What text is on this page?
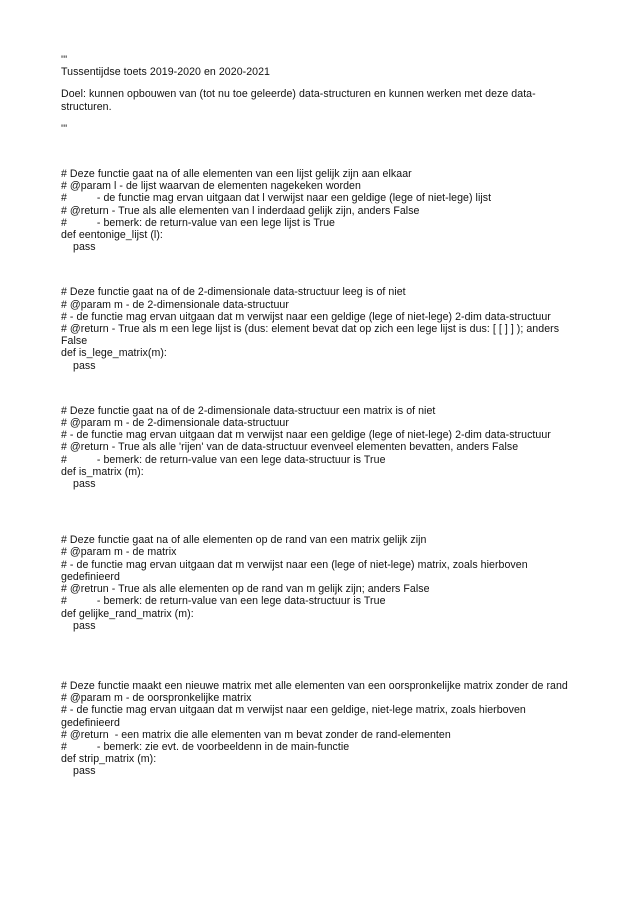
'''

Tussentijdse toets 2019-2020 en 2020-2021

Doel: kunnen opbouwen van (tot nu toe geleerde) data-structuren en kunnen werken met deze data-structuren.

'''

# Deze functie gaat na of alle elementen van een lijst gelijk zijn aan elkaar

# @param l - de lijst waarvan de elementen nagekeken worden

#          - de functie mag ervan uitgaan dat l verwijst naar een geldige (lege of niet-lege) lijst

# @return - True als alle elementen van l inderdaad gelijk zijn, anders False

#          - bemerk: de return-value van een lege lijst is True

def eentonige_lijst (l):

pass

# Deze functie gaat na of de 2-dimensionale data-structuur leeg is of niet

# @param m - de 2-dimensionale data-structuur

# - de functie mag ervan uitgaan dat m verwijst naar een geldige (lege of niet-lege) 2-dim data-structuur

# @return - True als m een lege lijst is (dus: element bevat dat op zich een lege lijst is dus: [ [ ] ] ); anders False

def is_lege_matrix(m):

pass

# Deze functie gaat na of de 2-dimensionale data-structuur een matrix is of niet

# @param m - de 2-dimensionale data-structuur

# - de functie mag ervan uitgaan dat m verwijst naar een geldige (lege of niet-lege) 2-dim data-structuur

# @return - True als alle 'rijen' van de data-structuur evenveel elementen bevatten, anders False

#          - bemerk: de return-value van een lege data-structuur is True

def is_matrix (m):

pass

# Deze functie gaat na of alle elementen op de rand van een matrix gelijk zijn

# @param m - de matrix

# - de functie mag ervan uitgaan dat m verwijst naar een (lege of niet-lege) matrix, zoals hierboven gedefinieerd

# @retrun - True als alle elementen op de rand van m gelijk zijn; anders False

#          - bemerk: de return-value van een lege data-structuur is True

def gelijke_rand_matrix (m):

pass

# Deze functie maakt een nieuwe matrix met alle elementen van een oorspronkelijke matrix zonder de rand

# @param m - de oorspronkelijke matrix

# - de functie mag ervan uitgaan dat m verwijst naar een geldige, niet-lege matrix, zoals hierboven gedefinieerd

# @return  - een matrix die alle elementen van m bevat zonder de rand-elementen

#          - bemerk: zie evt. de voorbeeldenn in de main-functie

def strip_matrix (m):

pass
